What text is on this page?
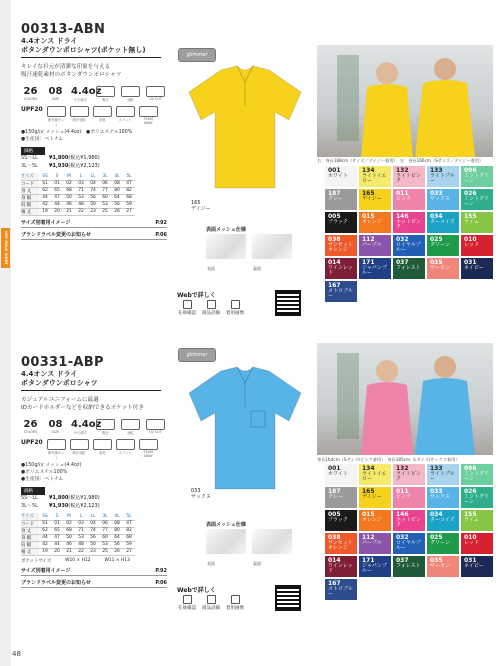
DRY POLO SHIRT
48
00313-ABN
4.4オンス ドライ
ボタンダウンポロシャツ(ポケット無し)
キレイな衿元が清潔な印象を与える
吸汗速乾素材のボタンダウンポロシャツ
26
COLORS
08
SIZE
4.4oz
やや薄手	吸汗	速乾	UV CUT
UPF20
紫外線カット
吸汗速乾	消臭	スリット	TEAM AWAY
●150g/㎡ メッシュ(4.4oz)　●ポリエステル100%
●生産国：ベトナム
価格
SS～LL	¥1,800 (税込¥1,980)
3L～5L	¥1,930 (税込¥2,123)
サイズ	SS	S	M	L	LL	3L	4L	5L
コード	S1	01	02	03	04	06	08	4T
身 丈	62	65	68	71	74	77	80	82
身 幅	44	47	50	53	56	60	64	68
肩 幅	42	44	46	48	50	53	56	59
袖 丈	19	20	21	22	23	25	26	27
サイズ別着用イメージ	P.92
ブランドラベル変更のお知らせ	P.06
glimmer
165
デイジー
表面メッシュ仕様
表面	裏面
Webで詳しく
在庫確認 商品詳細 着用画像
右：身長188cm（サイズ／デイジー着用）　左：身長166cm（Sサイズ／デイジー着用）
001
ホワイト
134
ライトイエロー
132
ライトピンク
133
ライトブルー
096
ミントグリーン
187
グレー
165
デイジー
011
ピンク
033
サックス
026
ミントグリーン
005
ブラック
015
オレンジ
146
ホットピンク
034
ターコイズ
155
ライム
038
サンセットオレンジ
112
パープル
032
ロイヤルブルー
025
グリーン
010
レッド
014
ワインレッド
171
ジャパンブルー
037
フォレスト
035
サーモン
031
ネイビー
167
メトロブルー
00331-ABP
4.4オンス ドライ
ボタンダウンポロシャツ
カジュアルユニフォームに最適
IDカードホルダーなどを収納できるポケット付き
26
COLORS
08
SIZE
4.4oz
やや薄手	吸汗	速乾	UV CUT
UPF20
紫外線カット
吸汗速乾	消臭	スリット	TEAM AWAY
●150g/㎡ メッシュ(4.4oz)
●ポリエステル100%
●生産国：ベトナム
価格
SS～LL	¥1,800 (税込¥1,980)
3L～5L	¥1,930 (税込¥2,123)
サイズ	SS	S	M	L	LL	3L	4L	5L
コード	S1	01	02	03	04	06	08	4T
身 丈	62	65	68	71	74	77	80	82
身 幅	44	47	50	53	56	60	64	68
肩 幅	42	44	46	48	50	53	56	59
袖 丈	19	20	21	22	23	25	26	27
ポケットサイズ	W10 × H12	W11 × H13
サイズ別着用イメージ	P.92
ブランドラベル変更のお知らせ	P.06
glimmer
033
サックス
表面メッシュ仕様
表面	裏面
Webで詳しく
在庫確認 商品詳細 着用画像
身長164cm（Sサイズ/ピンク着用）　身長185cm（Lサイズ/サックス着用）
001
ホワイト
134
ライトイエロー
132
ライトピンク
133
ライトブルー
096
ミントグリーン
187
グレー
165
デイジー
011
ピンク
033
サックス
026
ミントグリーン
005
ブラック
015
オレンジ
146
ホットピンク
034
ターコイズ
155
ライム
038
サンセットオレンジ
112
パープル
032
ロイヤルブルー
025
グリーン
010
レッド
014
ワインレッド
171
ジャパンブルー
037
フォレスト
035
サーモン
031
ネイビー
167
メトロブルー
